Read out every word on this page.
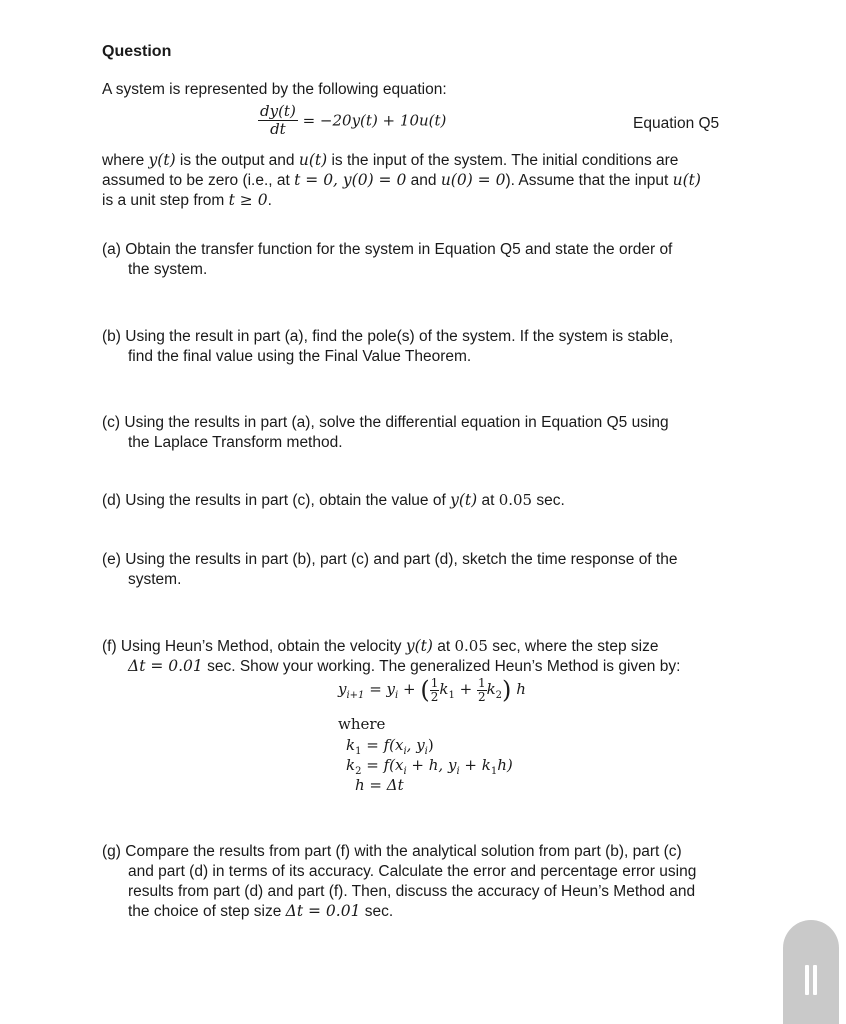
Question
A system is represented by the following equation:
$\frac{dy(t)}{dt} = -20y(t) + 10u(t)$	Equation Q5
where y(t) is the output and u(t) is the input of the system. The initial conditions are
assumed to be zero (i.e., at t = 0, y(0) = 0 and u(0) = 0). Assume that the input u(t)
is a unit step from t ≥ 0.
(a) Obtain the transfer function for the system in Equation Q5 and state the order of
the system.
(b) Using the result in part (a), find the pole(s) of the system. If the system is stable,
find the final value using the Final Value Theorem.
(c) Using the results in part (a), solve the differential equation in Equation Q5 using
the Laplace Transform method.
(d) Using the results in part (c), obtain the value of y(t) at 0.05 sec.
(e) Using the results in part (b), part (c) and part (d), sketch the time response of the
system.
(f) Using Heun’s Method, obtain the velocity y(t) at 0.05 sec, where the step size
Δt = 0.01 sec. Show your working. The generalized Heun’s Method is given by:
$y_{i+1} = y_i$ + ( $\frac{1}{2} k_1 + \frac{1}{2} k_2$) h
where
$k_1 = f(x_i$, $y_i$)
$k_2 = f(x_i + h$, $y_i + k_1h$)
h = Δt
(g) Compare the results from part (f) with the analytical solution from part (b), part (c)
and part (d) in terms of its accuracy. Calculate the error and percentage error using
results from part (d) and part (f). Then, discuss the accuracy of Heun’s Method and
the choice of step size Δt = 0.01 sec.
